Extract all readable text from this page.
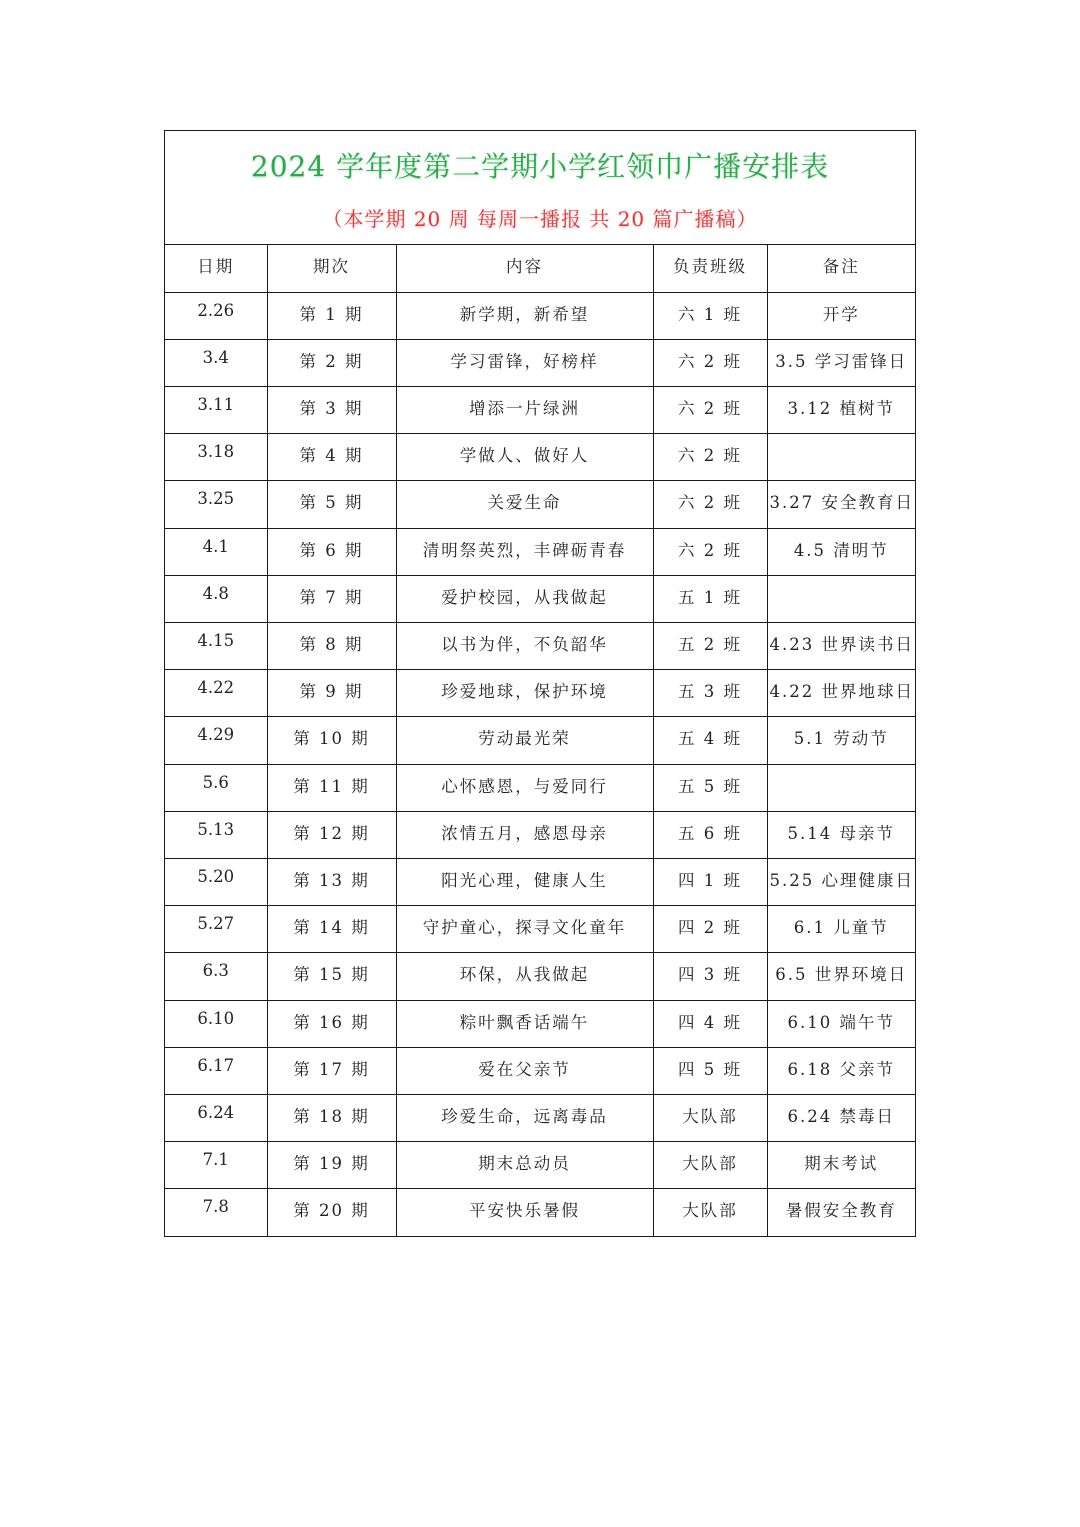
2024 学年度第二学期小学红领巾广播安排表
（本学期 20 周 每周一播报 共 20 篇广播稿）
日期	期次	内容	负责班级	备注
2.26	第 1 期	新学期，新希望	六 1 班	开学
3.4	第 2 期	学习雷锋，好榜样	六 2 班	3.5 学习雷锋日
3.11	第 3 期	增添一片绿洲	六 2 班	3.12 植树节
3.18	第 4 期	学做人、做好人	六 2 班	
3.25	第 5 期	关爱生命	六 2 班	3.27 安全教育日
4.1	第 6 期	清明祭英烈，丰碑砺青春	六 2 班	4.5 清明节
4.8	第 7 期	爱护校园，从我做起	五 1 班	
4.15	第 8 期	以书为伴，不负韶华	五 2 班	4.23 世界读书日
4.22	第 9 期	珍爱地球，保护环境	五 3 班	4.22 世界地球日
4.29	第 10 期	劳动最光荣	五 4 班	5.1 劳动节
5.6	第 11 期	心怀感恩，与爱同行	五 5 班	
5.13	第 12 期	浓情五月，感恩母亲	五 6 班	5.14 母亲节
5.20	第 13 期	阳光心理，健康人生	四 1 班	5.25 心理健康日
5.27	第 14 期	守护童心，探寻文化童年	四 2 班	6.1 儿童节
6.3	第 15 期	环保，从我做起	四 3 班	6.5 世界环境日
6.10	第 16 期	粽叶飘香话端午	四 4 班	6.10 端午节
6.17	第 17 期	爱在父亲节	四 5 班	6.18 父亲节
6.24	第 18 期	珍爱生命，远离毒品	大队部	6.24 禁毒日
7.1	第 19 期	期末总动员	大队部	期末考试
7.8	第 20 期	平安快乐暑假	大队部	暑假安全教育
